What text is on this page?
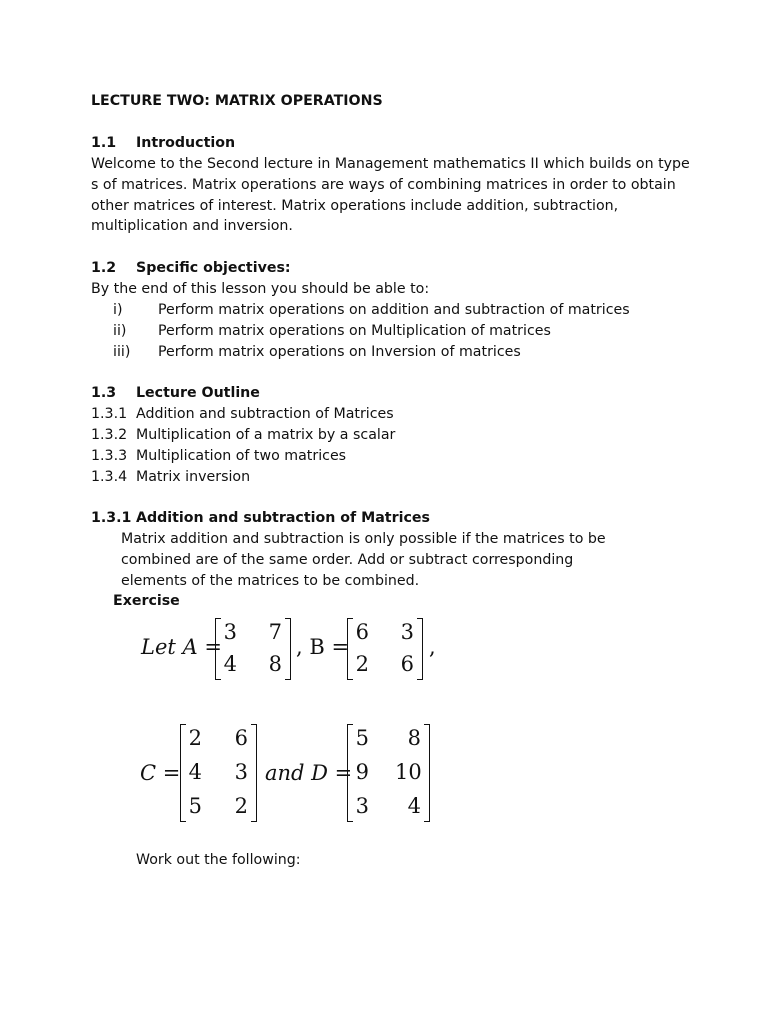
LECTURE TWO: MATRIX OPERATIONS
1.1 Introduction
Welcome to the Second lecture in Management mathematics II which builds on type s of matrices. Matrix operations are ways of combining matrices in order to obtain other matrices of interest. Matrix operations include addition, subtraction, multiplication and inversion.
1.2 Specific objectives:
By the end of this lesson you should be able to:
i)	Perform matrix operations on addition and subtraction of matrices
ii) Perform matrix operations on Multiplication of matrices
iii) Perform matrix operations on Inversion of matrices
1.3 Lecture Outline
1.3.1 Addition and subtraction of Matrices
1.3.2 Multiplication of a matrix by a scalar
1.3.3 Multiplication of two matrices
1.3.4 Matrix inversion
1.3.1 Addition and subtraction of Matrices
Matrix addition and subtraction is only possible if the matrices to be
combined are of the same order. Add or subtract corresponding
elements of the matrices to be combined.
Exercise
Let A =
3	7
4	8
, B =
6	3
2	6
,
C =
2	6
4	3
5	2
and D =
5	8
9 10
3	4
Work out the following:
